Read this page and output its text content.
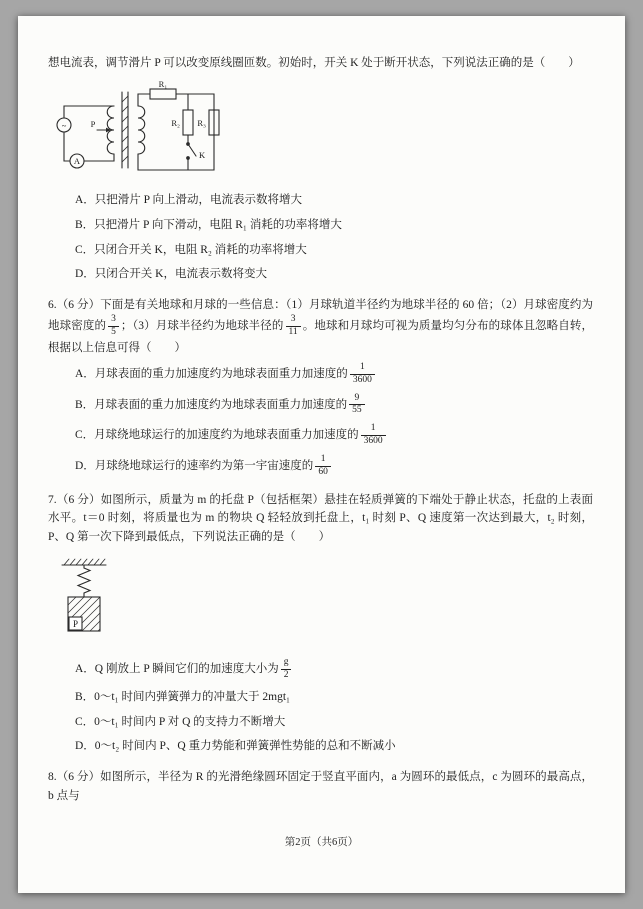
想电流表，调节滑片 P 可以改变原线圈匝数。初始时，开关 K 处于断开状态，下列说法正确的是（　　）

~
A
P
R₁
R₂ R₃
K
A．只把滑片 P 向上滑动，电流表示数将增大
B．只把滑片 P 向下滑动，电阻 R₁ 消耗的功率将增大
C．只闭合开关 K，电阻 R₂ 消耗的功率将增大
D．只闭合开关 K，电流表示数将变大

6.（6 分）下面是有关地球和月球的一些信息：（1）月球轨道半径约为地球半径的 60 倍；（2）月球密度约为地球密度的 $\frac{3}{5}$ ；（3）月球半径约为地球半径的 $\frac{3}{11}$ 。地球和月球均可视为质量均匀分布的球体且忽略自转，根据以上信息可得（　　）

A．月球表面的重力加速度约为地球表面重力加速度的 $\frac{1}{3600}$
B．月球表面的重力加速度约为地球表面重力加速度的 $\frac{9}{55}$
C．月球绕地球运行的加速度约为地球表面重力加速度的 $\frac{1}{3600}$
D．月球绕地球运行的速率约为第一宇宙速度的 $\frac{1}{60}$

7.（6 分）如图所示，质量为 m 的托盘 P（包括框架）悬挂在轻质弹簧的下端处于静止状态，托盘的上表面水平。t＝0 时刻，将质量也为 m 的物块 Q 轻轻放到托盘上，t₁ 时刻 P、Q 速度第一次达到最大，t₂ 时刻，P、Q 第一次下降到最低点，下列说法正确的是（　　）

P
A．Q 刚放上 P 瞬间它们的加速度大小为 $\frac{g}{2}$
B．0～t₁ 时间内弹簧弹力的冲量大于 2mgt₁
C．0～t₁ 时间内 P 对 Q 的支持力不断增大
D．0～t₂ 时间内 P、Q 重力势能和弹簧弹性势能的总和不断减小

8.（6 分）如图所示，半径为 R 的光滑绝缘圆环固定于竖直平面内，a 为圆环的最低点，c 为圆环的最高点，b 点与

第2页（共6页）
